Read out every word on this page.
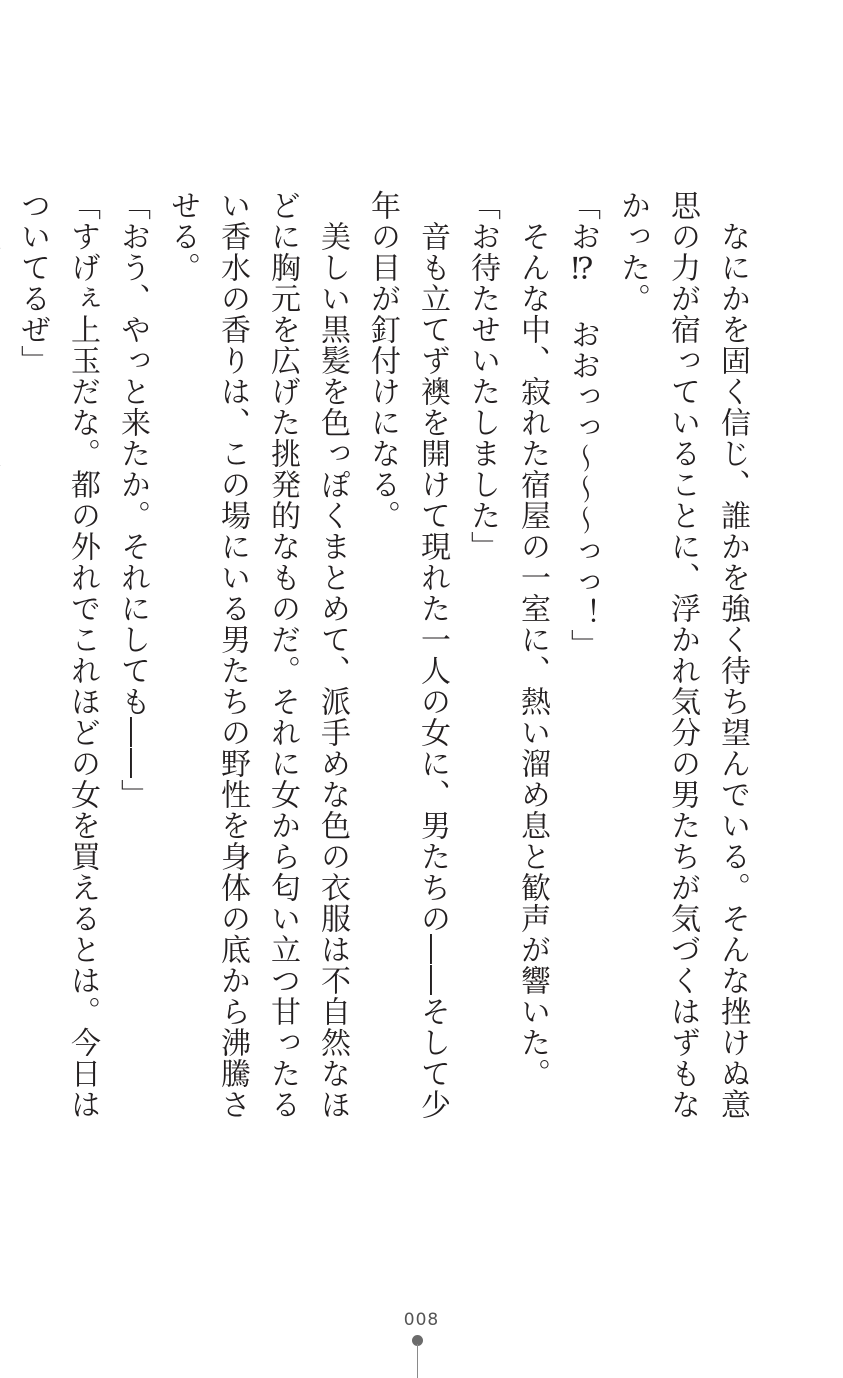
　なにかを固く信じ、誰かを強く待ち望んでいる。そんな挫けぬ意思の力が宿っていることに、浮かれ気分の男たちが気づくはずもなかった。

「お⁉　おおっっ〜〜〜っっ！」

　そんな中、寂れた宿屋の一室に、熱い溜め息と歓声が響いた。

「お待たせいたしました」

　音も立てず襖を開けて現れた一人の女に、男たちの――そして少年の目が釘付けになる。

　美しい黒髪を色っぽくまとめて、派手めな色の衣服は不自然なほどに胸元を広げた挑発的なものだ。それに女から匂い立つ甘ったるい香水の香りは、この場にいる男たちの野性を身体の底から沸騰させる。

「おう、やっと来たか。それにしても――」

「すげぇ上玉だな。都の外れでこれほどの女を買えるとは。今日はついてるぜ」

008
